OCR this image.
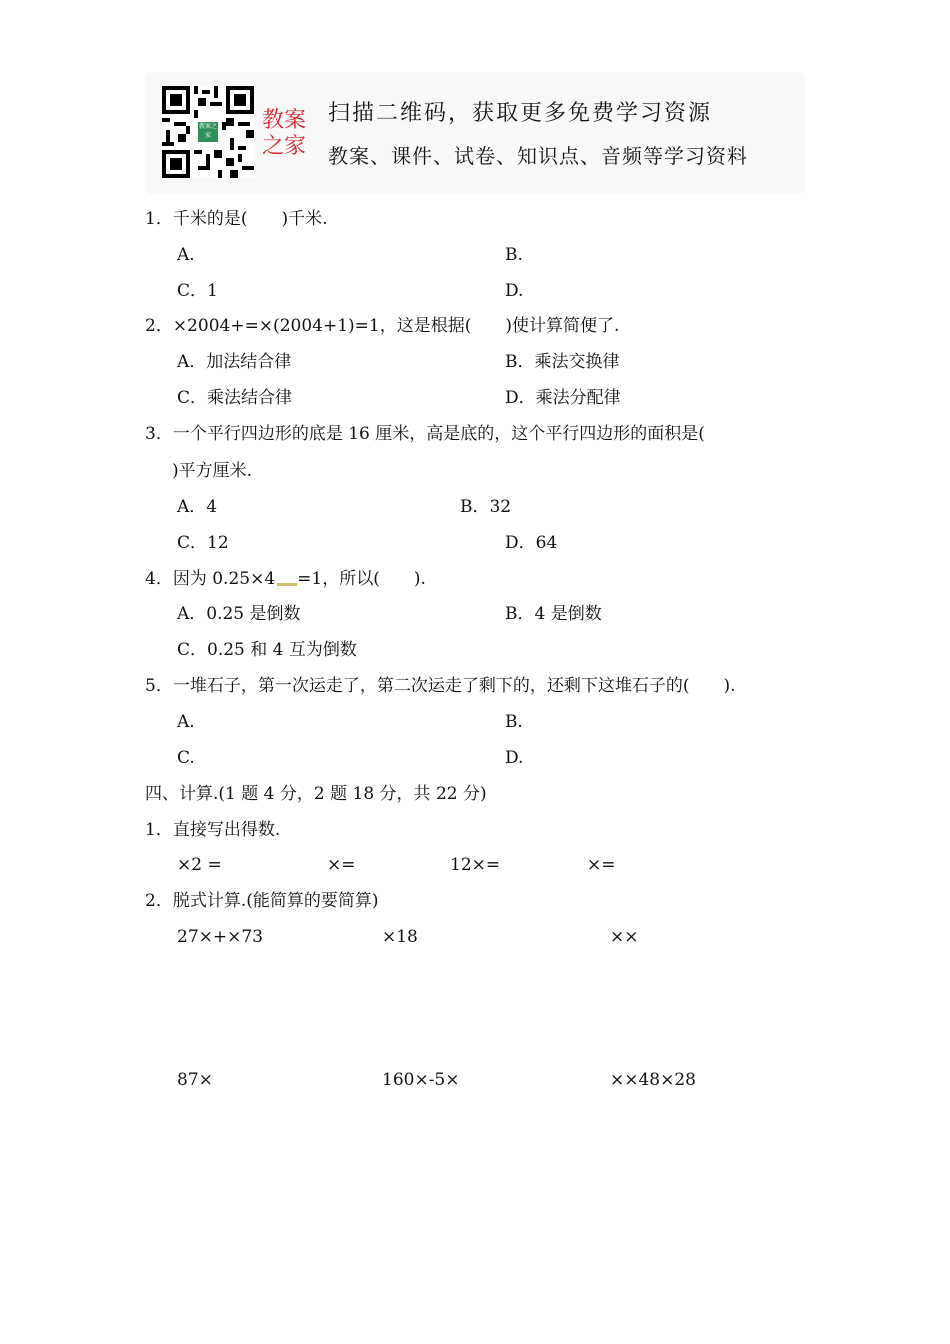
教案之家
教案
之家
扫描二维码，获取更多免费学习资源
教案、课件、试卷、知识点、音频等学习资料
1．千米的是(　　)千米.
A.	B.
C．1	D.
2．×2004+=×(2004+1)=1，这是根据(　　)使计算简便了.
A．加法结合律	B．乘法交换律
C．乘法结合律	D．乘法分配律
3．一个平行四边形的底是 16 厘米，高是底的，这个平行四边形的面积是(
)平方厘米.
A．4	B．32
C．12	D．64
4．因为 0.25×4 =1，所以(　　).
A．0.25 是倒数	B．4 是倒数
C．0.25 和 4 互为倒数
5．一堆石子，第一次运走了，第二次运走了剩下的，还剩下这堆石子的(　　).
A.	B.
C.	D.
四、计算.(1 题 4 分，2 题 18 分，共 22 分)
1．直接写出得数.
×2 =	×=	12×=	×=
2．脱式计算.(能简算的要简算)
27×+×73	×18	××
87×	160×-5×	××48×28
